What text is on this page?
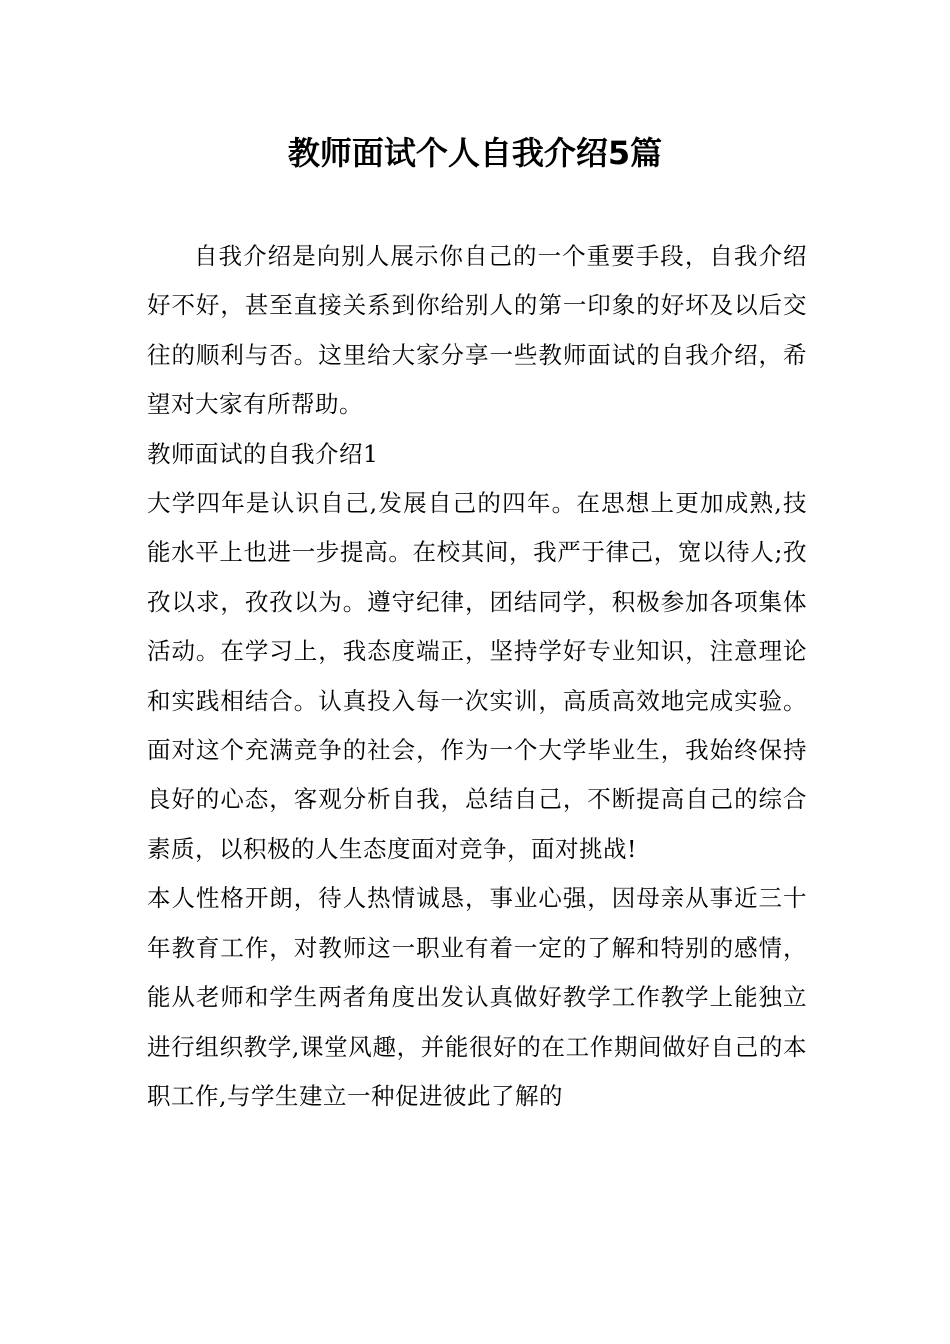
教师面试个人自我介绍5篇

自我介绍是向别人展示你自己的一个重要手段，自我介绍好不好，甚至直接关系到你给别人的第一印象的好坏及以后交往的顺利与否。这里给大家分享一些教师面试的自我介绍，希望对大家有所帮助。

教师面试的自我介绍1

大学四年是认识自己,发展自己的四年。在思想上更加成熟,技能水平上也进一步提高。在校其间，我严于律己，宽以待人;孜孜以求，孜孜以为。遵守纪律，团结同学，积极参加各项集体活动。在学习上，我态度端正，坚持学好专业知识，注意理论和实践相结合。认真投入每一次实训，高质高效地完成实验。面对这个充满竞争的社会，作为一个大学毕业生，我始终保持良好的心态，客观分析自我，总结自己，不断提高自己的综合素质，以积极的人生态度面对竞争，面对挑战!

本人性格开朗，待人热情诚恳，事业心强，因母亲从事近三十年教育工作，对教师这一职业有着一定的了解和特别的感情，能从老师和学生两者角度出发认真做好教学工作教学上能独立进行组织教学,课堂风趣，并能很好的在工作期间做好自己的本职工作,与学生建立一种促进彼此了解的
